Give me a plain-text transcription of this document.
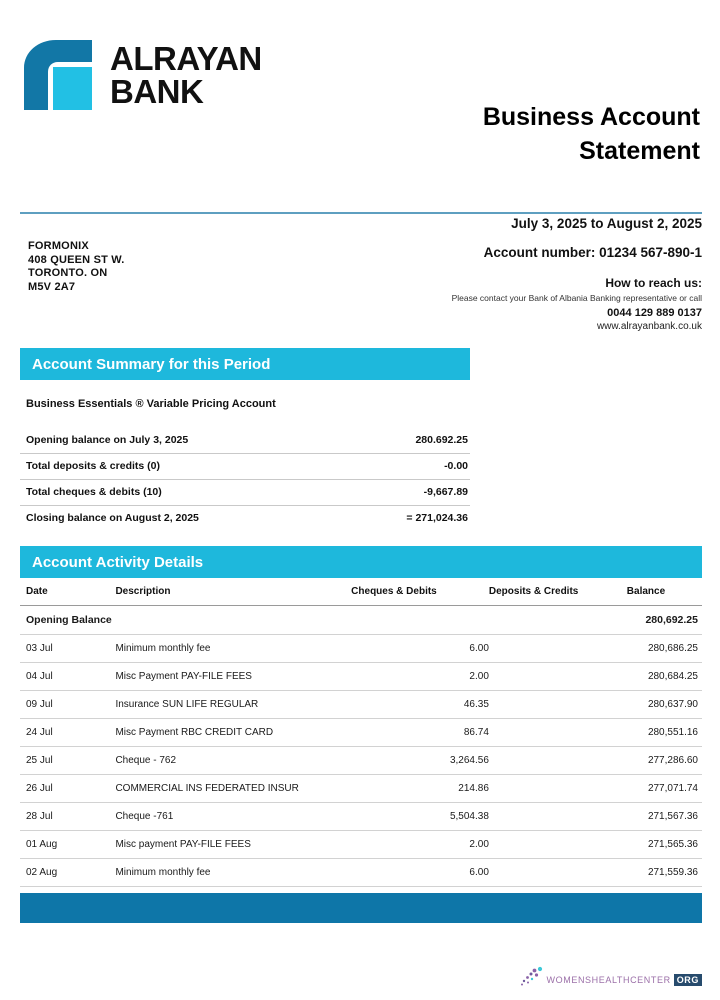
ALRAYAN
BANK
Business Account
Statement
FORMONIX
408 QUEEN ST W.
TORONTO. ON
M5V 2A7
July 3, 2025 to August 2, 2025
Account number: 01234 567-890-1
How to reach us:
Please contact your Bank of Albania Banking representative or call
0044 129 889 0137
www.alrayanbank.co.uk
Account Summary for this Period
Business Essentials ® Variable Pricing Account
Opening balance on July 3, 2025	280.692.25
Total deposits & credits (0)	-0.00
Total cheques & debits (10)	-9,667.89
Closing balance on August 2, 2025	= 271,024.36
Account Activity Details
Date	Description	Cheques & Debits	Deposits & Credits	Balance
Opening Balance				280,692.25
03 Jul	Minimum monthly fee	6.00		280,686.25
04 Jul	Misc Payment PAY-FILE FEES	2.00		280,684.25
09 Jul	Insurance SUN LIFE REGULAR	46.35		280,637.90
24 Jul	Misc Payment RBC CREDIT CARD	86.74		280,551.16
25 Jul	Cheque - 762	3,264.56		277,286.60
26 Jul	COMMERCIAL INS FEDERATED INSUR	214.86		277,071.74
28 Jul	Cheque -761	5,504.38		271,567.36
01 Aug	Misc payment PAY-FILE FEES	2.00		271,565.36
02 Aug	Minimum monthly fee	6.00		271,559.36
WOMENSHEALTHCENTER ORG
